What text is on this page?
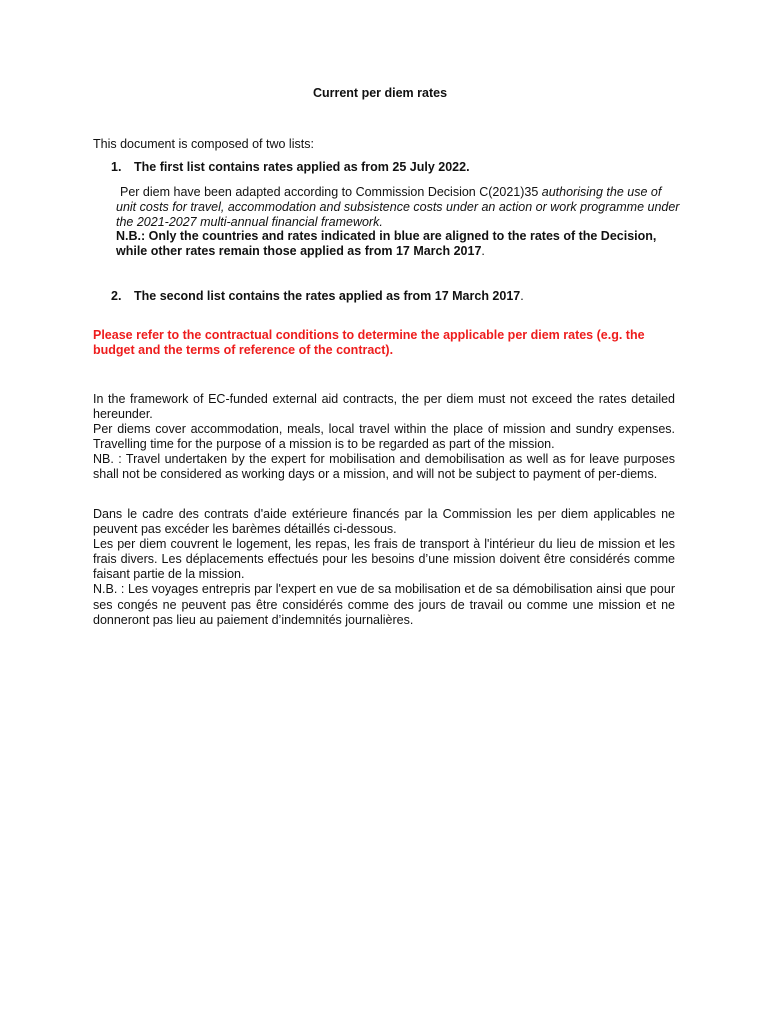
Current per diem rates
This document is composed of two lists:
1. The first list contains rates applied as from 25 July 2022.
Per diem have been adapted according to Commission Decision C(2021)35 authorising the use of unit costs for travel, accommodation and subsistence costs under an action or work programme under the 2021-2027 multi-annual financial framework.
N.B.: Only the countries and rates indicated in blue are aligned to the rates of the Decision, while other rates remain those applied as from 17 March 2017.
2. The second list contains the rates applied as from 17 March 2017.
Please refer to the contractual conditions to determine the applicable per diem rates (e.g. the budget and the terms of reference of the contract).

In the framework of EC-funded external aid contracts, the per diem must not exceed the rates detailed hereunder.

Per diems cover accommodation, meals, local travel within the place of mission and sundry expenses. Travelling time for the purpose of a mission is to be regarded as part of the mission.

NB. : Travel undertaken by the expert for mobilisation and demobilisation as well as for leave purposes shall not be considered as working days or a mission, and will not be subject to payment of per-diems.

Dans le cadre des contrats d'aide extérieure financés par la Commission les per diem applicables ne peuvent pas excéder les barèmes détaillés ci-dessous.

Les per diem couvrent le logement, les repas, les frais de transport à l'intérieur du lieu de mission et les frais divers. Les déplacements effectués pour les besoins d’une mission doivent être considérés comme faisant partie de la mission.

N.B. : Les voyages entrepris par l'expert en vue de sa mobilisation et de sa démobilisation ainsi que pour ses congés ne peuvent pas être considérés comme des jours de travail ou comme une mission et ne donneront pas lieu au paiement d’indemnités journalières.
